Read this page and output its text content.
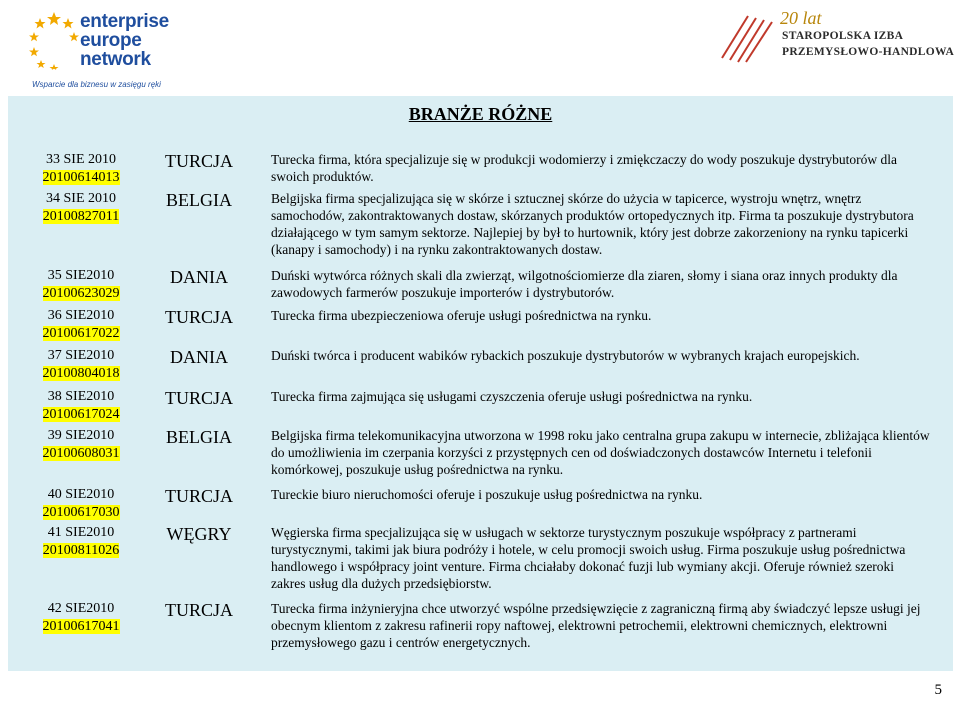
enterprise
europe
network
Wsparcie dla biznesu w zasięgu ręki
20 lat
STAROPOLSKA IZBA
PRZEMYSŁOWO-HANDLOWA
BRANŻE RÓŻNE
33 SIE 2010
20100614013
TURCJA	Turecka firma, która specjalizuje się w produkcji wodomierzy i zmiękczaczy do wody poszukuje dystrybutorów dla swoich produktów.
34 SIE 2010
20100827011
BELGIA	Belgijska firma specjalizująca się w skórze i sztucznej skórze do użycia w tapicerce, wystroju wnętrz, wnętrz samochodów, zakontraktowanych dostaw, skórzanych produktów ortopedycznych itp. Firma ta poszukuje dystrybutora działającego w tym samym sektorze. Najlepiej by był to hurtownik, który jest dobrze zakorzeniony na rynku tapicerki (kanapy i samochody) i na rynku zakontraktowanych dostaw.
35 SIE2010
20100623029
DANIA	Duński wytwórca różnych skali dla zwierząt, wilgotnościomierze dla ziaren, słomy i siana oraz innych produkty dla zawodowych farmerów poszukuje importerów i dystrybutorów.
36 SIE2010
20100617022
TURCJA	Turecka firma ubezpieczeniowa oferuje usługi pośrednictwa na rynku.
37 SIE2010
20100804018
DANIA	Duński twórca i producent wabików rybackich poszukuje dystrybutorów w wybranych krajach europejskich.
38 SIE2010
20100617024
TURCJA	Turecka firma zajmująca się usługami czyszczenia oferuje usługi pośrednictwa na rynku.
39 SIE2010
20100608031
BELGIA	Belgijska firma telekomunikacyjna utworzona w 1998 roku jako centralna grupa zakupu w internecie, zbliżająca klientów do umożliwienia im czerpania korzyści z przystępnych cen od doświadczonych dostawców Internetu i telefonii komórkowej, poszukuje usług pośrednictwa na rynku.
40 SIE2010
20100617030
TURCJA	Tureckie biuro nieruchomości oferuje i poszukuje usług pośrednictwa na rynku.
41 SIE2010
20100811026
WĘGRY	Węgierska firma specjalizująca się w usługach w sektorze turystycznym poszukuje współpracy z partnerami turystycznymi, takimi jak biura podróży i hotele, w celu promocji swoich usług. Firma poszukuje usług pośrednictwa handlowego i współpracy joint venture. Firma chciałaby dokonać fuzji lub wymiany akcji. Oferuje również szeroki zakres usług dla dużych przedsiębiorstw.
42 SIE2010
20100617041
TURCJA	Turecka firma inżynieryjna chce utworzyć wspólne przedsięwzięcie z zagraniczną firmą aby świadczyć lepsze usługi jej obecnym klientom z zakresu rafinerii ropy naftowej, elektrowni petrochemii, elektrowni chemicznych, elektrowni przemysłowego gazu i centrów energetycznych.
5
